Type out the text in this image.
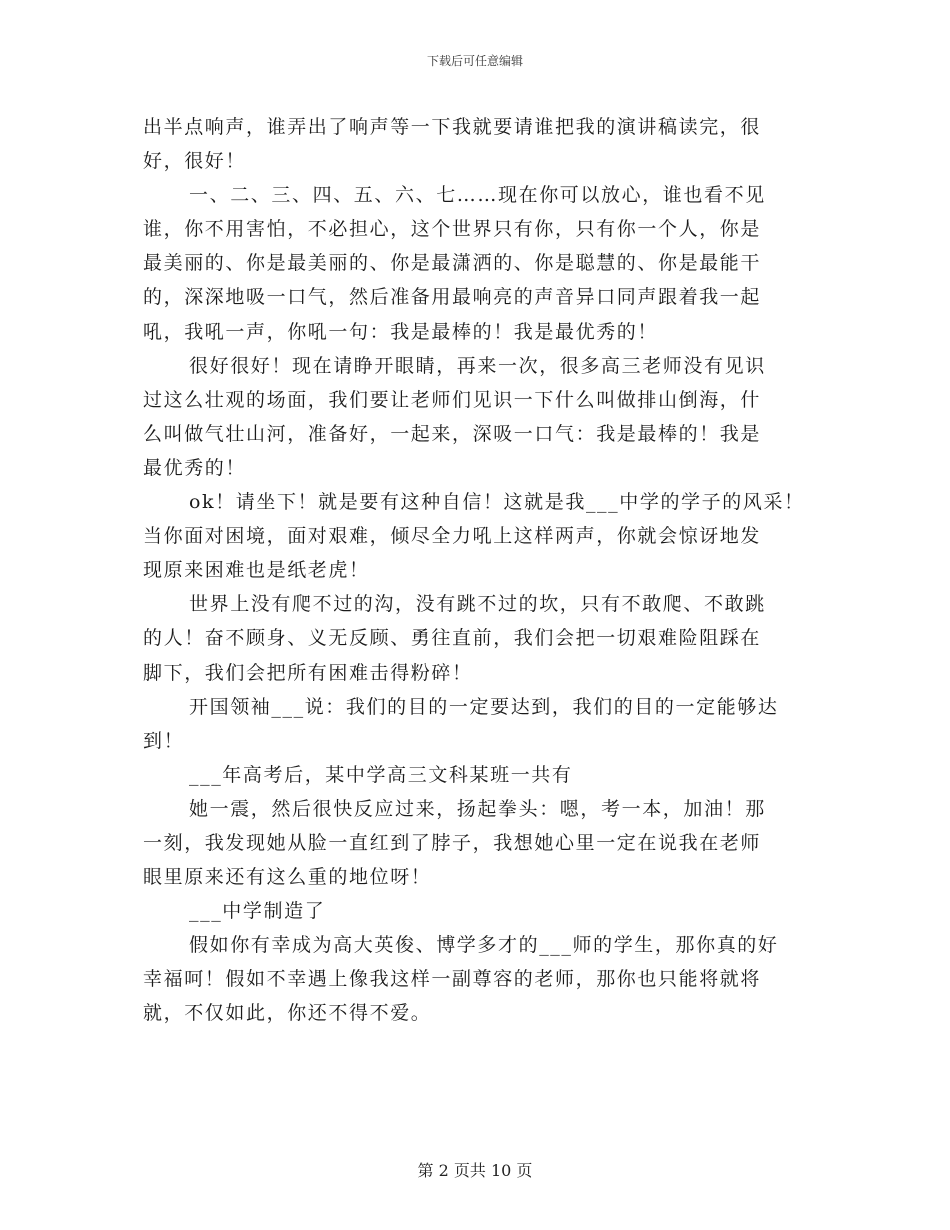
下载后可任意编辑
出半点响声，谁弄出了响声等一下我就要请谁把我的演讲稿读完，很
好，很好！
一、二、三、四、五、六、七……现在你可以放心，谁也看不见
谁，你不用害怕，不必担心，这个世界只有你，只有你一个人，你是
最美丽的、你是最美丽的、你是最潇洒的、你是聪慧的、你是最能干
的，深深地吸一口气，然后准备用最响亮的声音异口同声跟着我一起
吼，我吼一声，你吼一句：我是最棒的！我是最优秀的！
很好很好！现在请睁开眼睛，再来一次，很多高三老师没有见识
过这么壮观的场面，我们要让老师们见识一下什么叫做排山倒海，什
么叫做气壮山河，准备好，一起来，深吸一口气：我是最棒的！我是
最优秀的！
ok！请坐下！就是要有这种自信！这就是我___中学的学子的风采！
当你面对困境，面对艰难，倾尽全力吼上这样两声，你就会惊讶地发
现原来困难也是纸老虎！
世界上没有爬不过的沟，没有跳不过的坎，只有不敢爬、不敢跳
的人！奋不顾身、义无反顾、勇往直前，我们会把一切艰难险阻踩在
脚下，我们会把所有困难击得粉碎！
开国领袖___说：我们的目的一定要达到，我们的目的一定能够达
到！
___年高考后，某中学高三文科某班一共有
她一震，然后很快反应过来，扬起拳头：嗯，考一本，加油！那
一刻，我发现她从脸一直红到了脖子，我想她心里一定在说我在老师
眼里原来还有这么重的地位呀！
___中学制造了
假如你有幸成为高大英俊、博学多才的___师的学生，那你真的好
幸福呵！假如不幸遇上像我这样一副尊容的老师，那你也只能将就将
就，不仅如此，你还不得不爱。
第 2 页共 10 页
